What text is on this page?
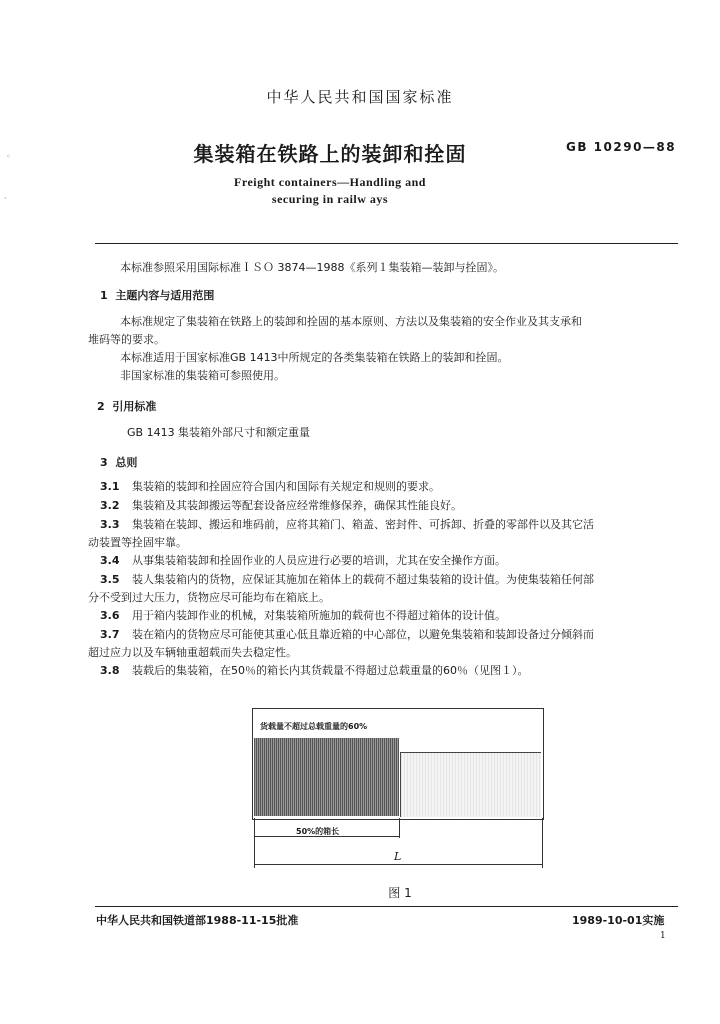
中华人民共和国国家标准
集装箱在铁路上的装卸和拴固	GB 10290—88
Freight containers—Handling and
securing in railw ays
本标准参照采用国际标准ＩＳＯ 3874—1988《系列１集装箱—装卸与拴固》。
1 主题内容与适用范围
本标准规定了集装箱在铁路上的装卸和拴固的基本原则、方法以及集装箱的安全作业及其支承和
堆码等的要求。
本标准适用于国家标准GB 1413中所规定的各类集装箱在铁路上的装卸和拴固。
非国家标准的集装箱可参照使用。
2 引用标准
GB 1413 集装箱外部尺寸和额定重量
3 总则
3.1 集装箱的装卸和拴固应符合国内和国际有关规定和规则的要求。
3.2 集装箱及其装卸搬运等配套设备应经常维修保养，确保其性能良好。
3.3 集装箱在装卸、搬运和堆码前，应将其箱门、箱盖、密封件、可拆卸、折叠的零部件以及其它活
动装置等拴固牢靠。
3.4 从事集装箱装卸和拴固作业的人员应进行必要的培训，尤其在安全操作方面。
3.5 装人集装箱内的货物，应保证其施加在箱体上的载荷不超过集装箱的设计值。为使集装箱任何部
分不受到过大压力，货物应尽可能均布在箱底上。
3.6 用于箱内装卸作业的机械，对集装箱所施加的载荷也不得超过箱体的设计值。
3.7 装在箱内的货物应尽可能使其重心低且靠近箱的中心部位，以避免集装箱和装卸设备过分倾斜而
超过应力以及车辆轴重超载而失去稳定性。
3.8 装载后的集装箱，在50％的箱长内其货载量不得超过总载重量的60％（见图１）。
货载量不超过总载重量的60%
50%的箱长
L
图 1
中华人民共和国铁道部1988-11-15批准	1989-10-01实施
1
◦
·
